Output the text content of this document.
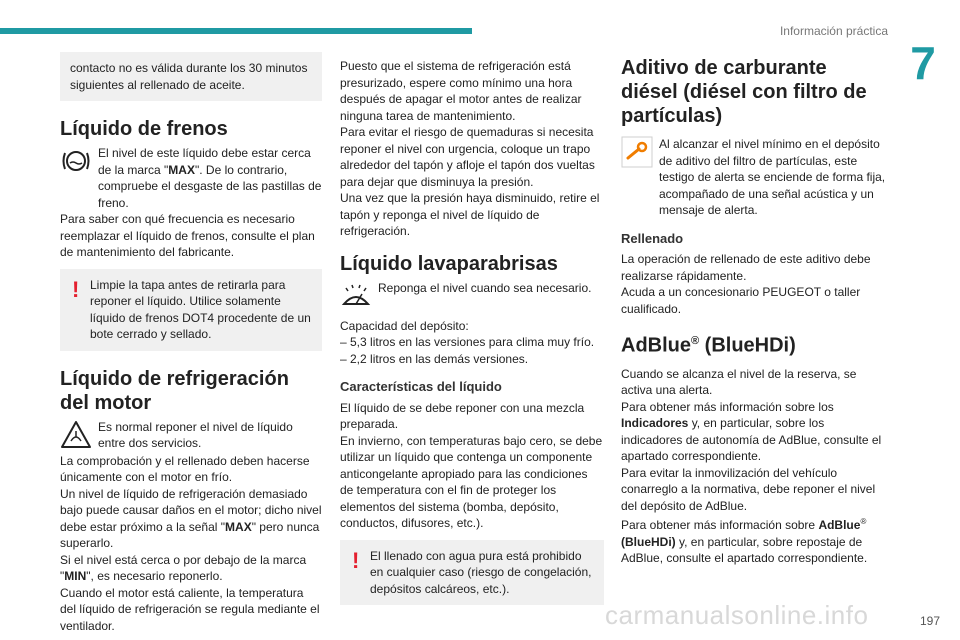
Información práctica
7

contacto no es válida durante los 30 minutos siguientes al rellenado de aceite.

Líquido de frenos

El nivel de este líquido debe estar cerca de la marca "MAX". De lo contrario, compruebe el desgaste de las pastillas de freno.

Para saber con qué frecuencia es necesario reemplazar el líquido de frenos, consulte el plan de mantenimiento del fabricante.

! Limpie la tapa antes de retirarla para reponer el líquido. Utilice solamente líquido de frenos DOT4 procedente de un bote cerrado y sellado.

Líquido de refrigeración del motor

Es normal reponer el nivel de líquido entre dos servicios.

La comprobación y el rellenado deben hacerse únicamente con el motor en frío.

Un nivel de líquido de refrigeración demasiado bajo puede causar daños en el motor; dicho nivel debe estar próximo a la señal "MAX" pero nunca superarlo.

Si el nivel está cerca o por debajo de la marca "MIN", es necesario reponerlo.

Cuando el motor está caliente, la temperatura del líquido de refrigeración se regula mediante el ventilador.

Puesto que el sistema de refrigeración está presurizado, espere como mínimo una hora después de apagar el motor antes de realizar ninguna tarea de mantenimiento.

Para evitar el riesgo de quemaduras si necesita reponer el nivel con urgencia, coloque un trapo alrededor del tapón y afloje el tapón dos vueltas para dejar que disminuya la presión.

Una vez que la presión haya disminuido, retire el tapón y reponga el nivel de líquido de refrigeración.

Líquido lavaparabrisas

Reponga el nivel cuando sea necesario.

Capacidad del depósito:

– 5,3 litros en las versiones para clima muy frío.

– 2,2 litros en las demás versiones.

Características del líquido

El líquido de se debe reponer con una mezcla preparada.

En invierno, con temperaturas bajo cero, se debe utilizar un líquido que contenga un componente anticongelante apropiado para las condiciones de temperatura con el fin de proteger los elementos del sistema (bomba, depósito, conductos, difusores, etc.).

! El llenado con agua pura está prohibido en cualquier caso (riesgo de congelación, depósitos calcáreos, etc.).

Aditivo de carburante diésel (diésel con filtro de partículas)

Al alcanzar el nivel mínimo en el depósito de aditivo del filtro de partículas, este testigo de alerta se enciende de forma fija, acompañado de una señal acústica y un mensaje de alerta.

Rellenado

La operación de rellenado de este aditivo debe realizarse rápidamente.

Acuda a un concesionario PEUGEOT o taller cualificado.

AdBlue® (BlueHDi)

Cuando se alcanza el nivel de la reserva, se activa una alerta.

Para obtener más información sobre los Indicadores y, en particular, sobre los indicadores de autonomía de AdBlue, consulte el apartado correspondiente.

Para evitar la inmovilización del vehículo conarreglo a la normativa, debe reponer el nivel del depósito de AdBlue.

Para obtener más información sobre AdBlue®
(BlueHDi) y, en particular, sobre repostaje de AdBlue, consulte el apartado correspondiente.

carmanualsonline.info	197
